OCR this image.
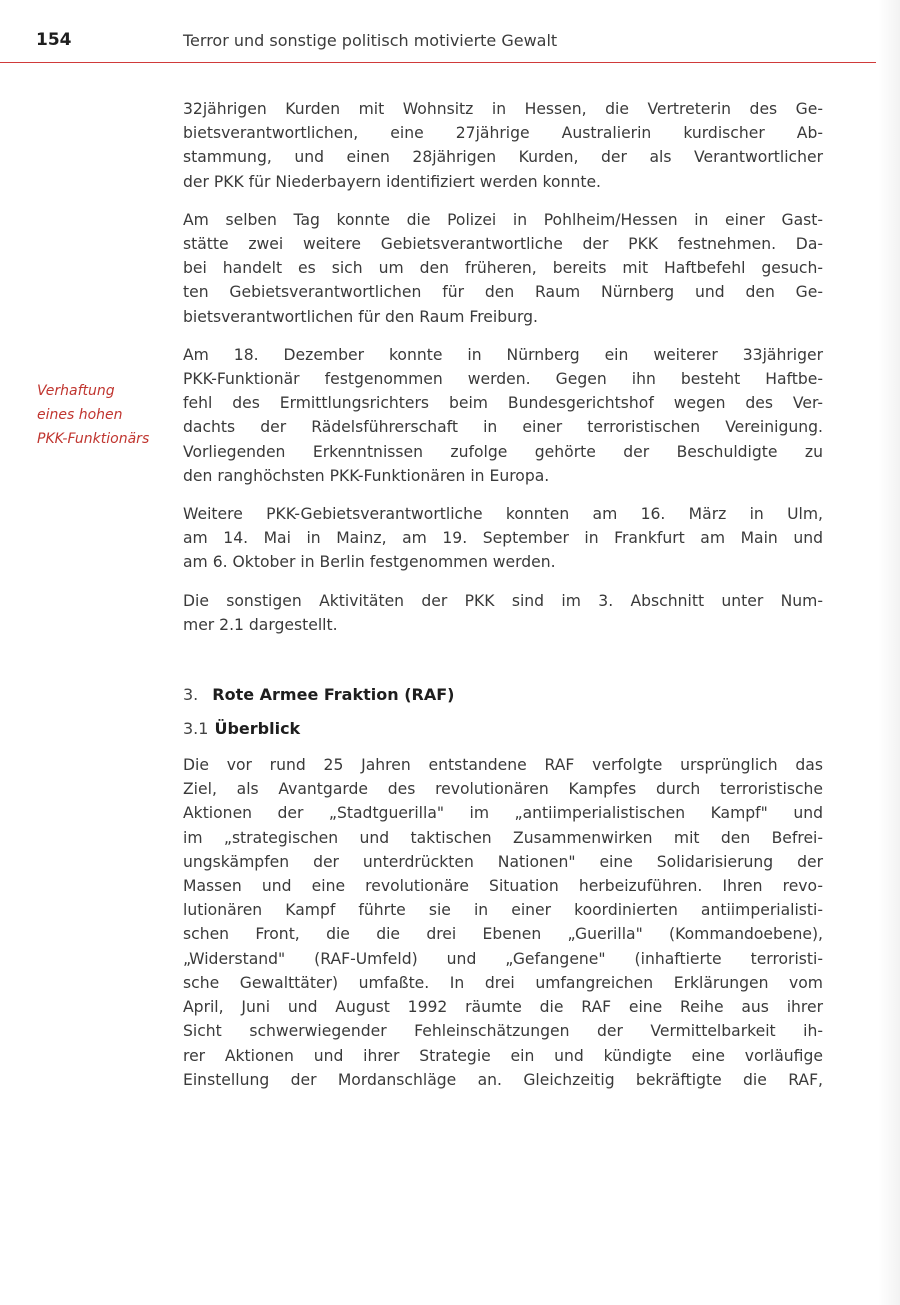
154	Terror und sonstige politisch motivierte Gewalt
Verhaftung
eines hohen
PKK-Funktionärs

32jährigen Kurden mit Wohnsitz in Hessen, die Vertreterin des Ge-
bietsverantwortlichen, eine 27jährige Australierin kurdischer Ab-
stammung, und einen 28jährigen Kurden, der als Verantwortlicher
der PKK für Niederbayern identifiziert werden konnte.

Am selben Tag konnte die Polizei in Pohlheim/Hessen in einer Gast-
stätte zwei weitere Gebietsverantwortliche der PKK festnehmen. Da-
bei handelt es sich um den früheren, bereits mit Haftbefehl gesuch-
ten Gebietsverantwortlichen für den Raum Nürnberg und den Ge-
bietsverantwortlichen für den Raum Freiburg.

Am 18. Dezember konnte in Nürnberg ein weiterer 33jähriger
PKK-Funktionär festgenommen werden. Gegen ihn besteht Haftbe-
fehl des Ermittlungsrichters beim Bundesgerichtshof wegen des Ver-
dachts der Rädelsführerschaft in einer terroristischen Vereinigung.
Vorliegenden Erkenntnissen zufolge gehörte der Beschuldigte zu
den ranghöchsten PKK-Funktionären in Europa.

Weitere PKK-Gebietsverantwortliche konnten am 16. März in Ulm,
am 14. Mai in Mainz, am 19. September in Frankfurt am Main und
am 6. Oktober in Berlin festgenommen werden.

Die sonstigen Aktivitäten der PKK sind im 3. Abschnitt unter Num-
mer 2.1 dargestellt.

3. Rote Armee Fraktion (RAF)

3.1 Überblick

Die vor rund 25 Jahren entstandene RAF verfolgte ursprünglich das
Ziel, als Avantgarde des revolutionären Kampfes durch terroristische
Aktionen der „Stadtguerilla" im „antiimperialistischen Kampf" und
im „strategischen und taktischen Zusammenwirken mit den Befrei-
ungskämpfen der unterdrückten Nationen" eine Solidarisierung der
Massen und eine revolutionäre Situation herbeizuführen. Ihren revo-
lutionären Kampf führte sie in einer koordinierten antiimperialisti-
schen Front, die die drei Ebenen „Guerilla" (Kommandoebene),
„Widerstand" (RAF-Umfeld) und „Gefangene" (inhaftierte terroristi-
sche Gewalttäter) umfaßte. In drei umfangreichen Erklärungen vom
April, Juni und August 1992 räumte die RAF eine Reihe aus ihrer
Sicht schwerwiegender Fehleinschätzungen der Vermittelbarkeit ih-
rer Aktionen und ihrer Strategie ein und kündigte eine vorläufige
Einstellung der Mordanschläge an. Gleichzeitig bekräftigte die RAF,
